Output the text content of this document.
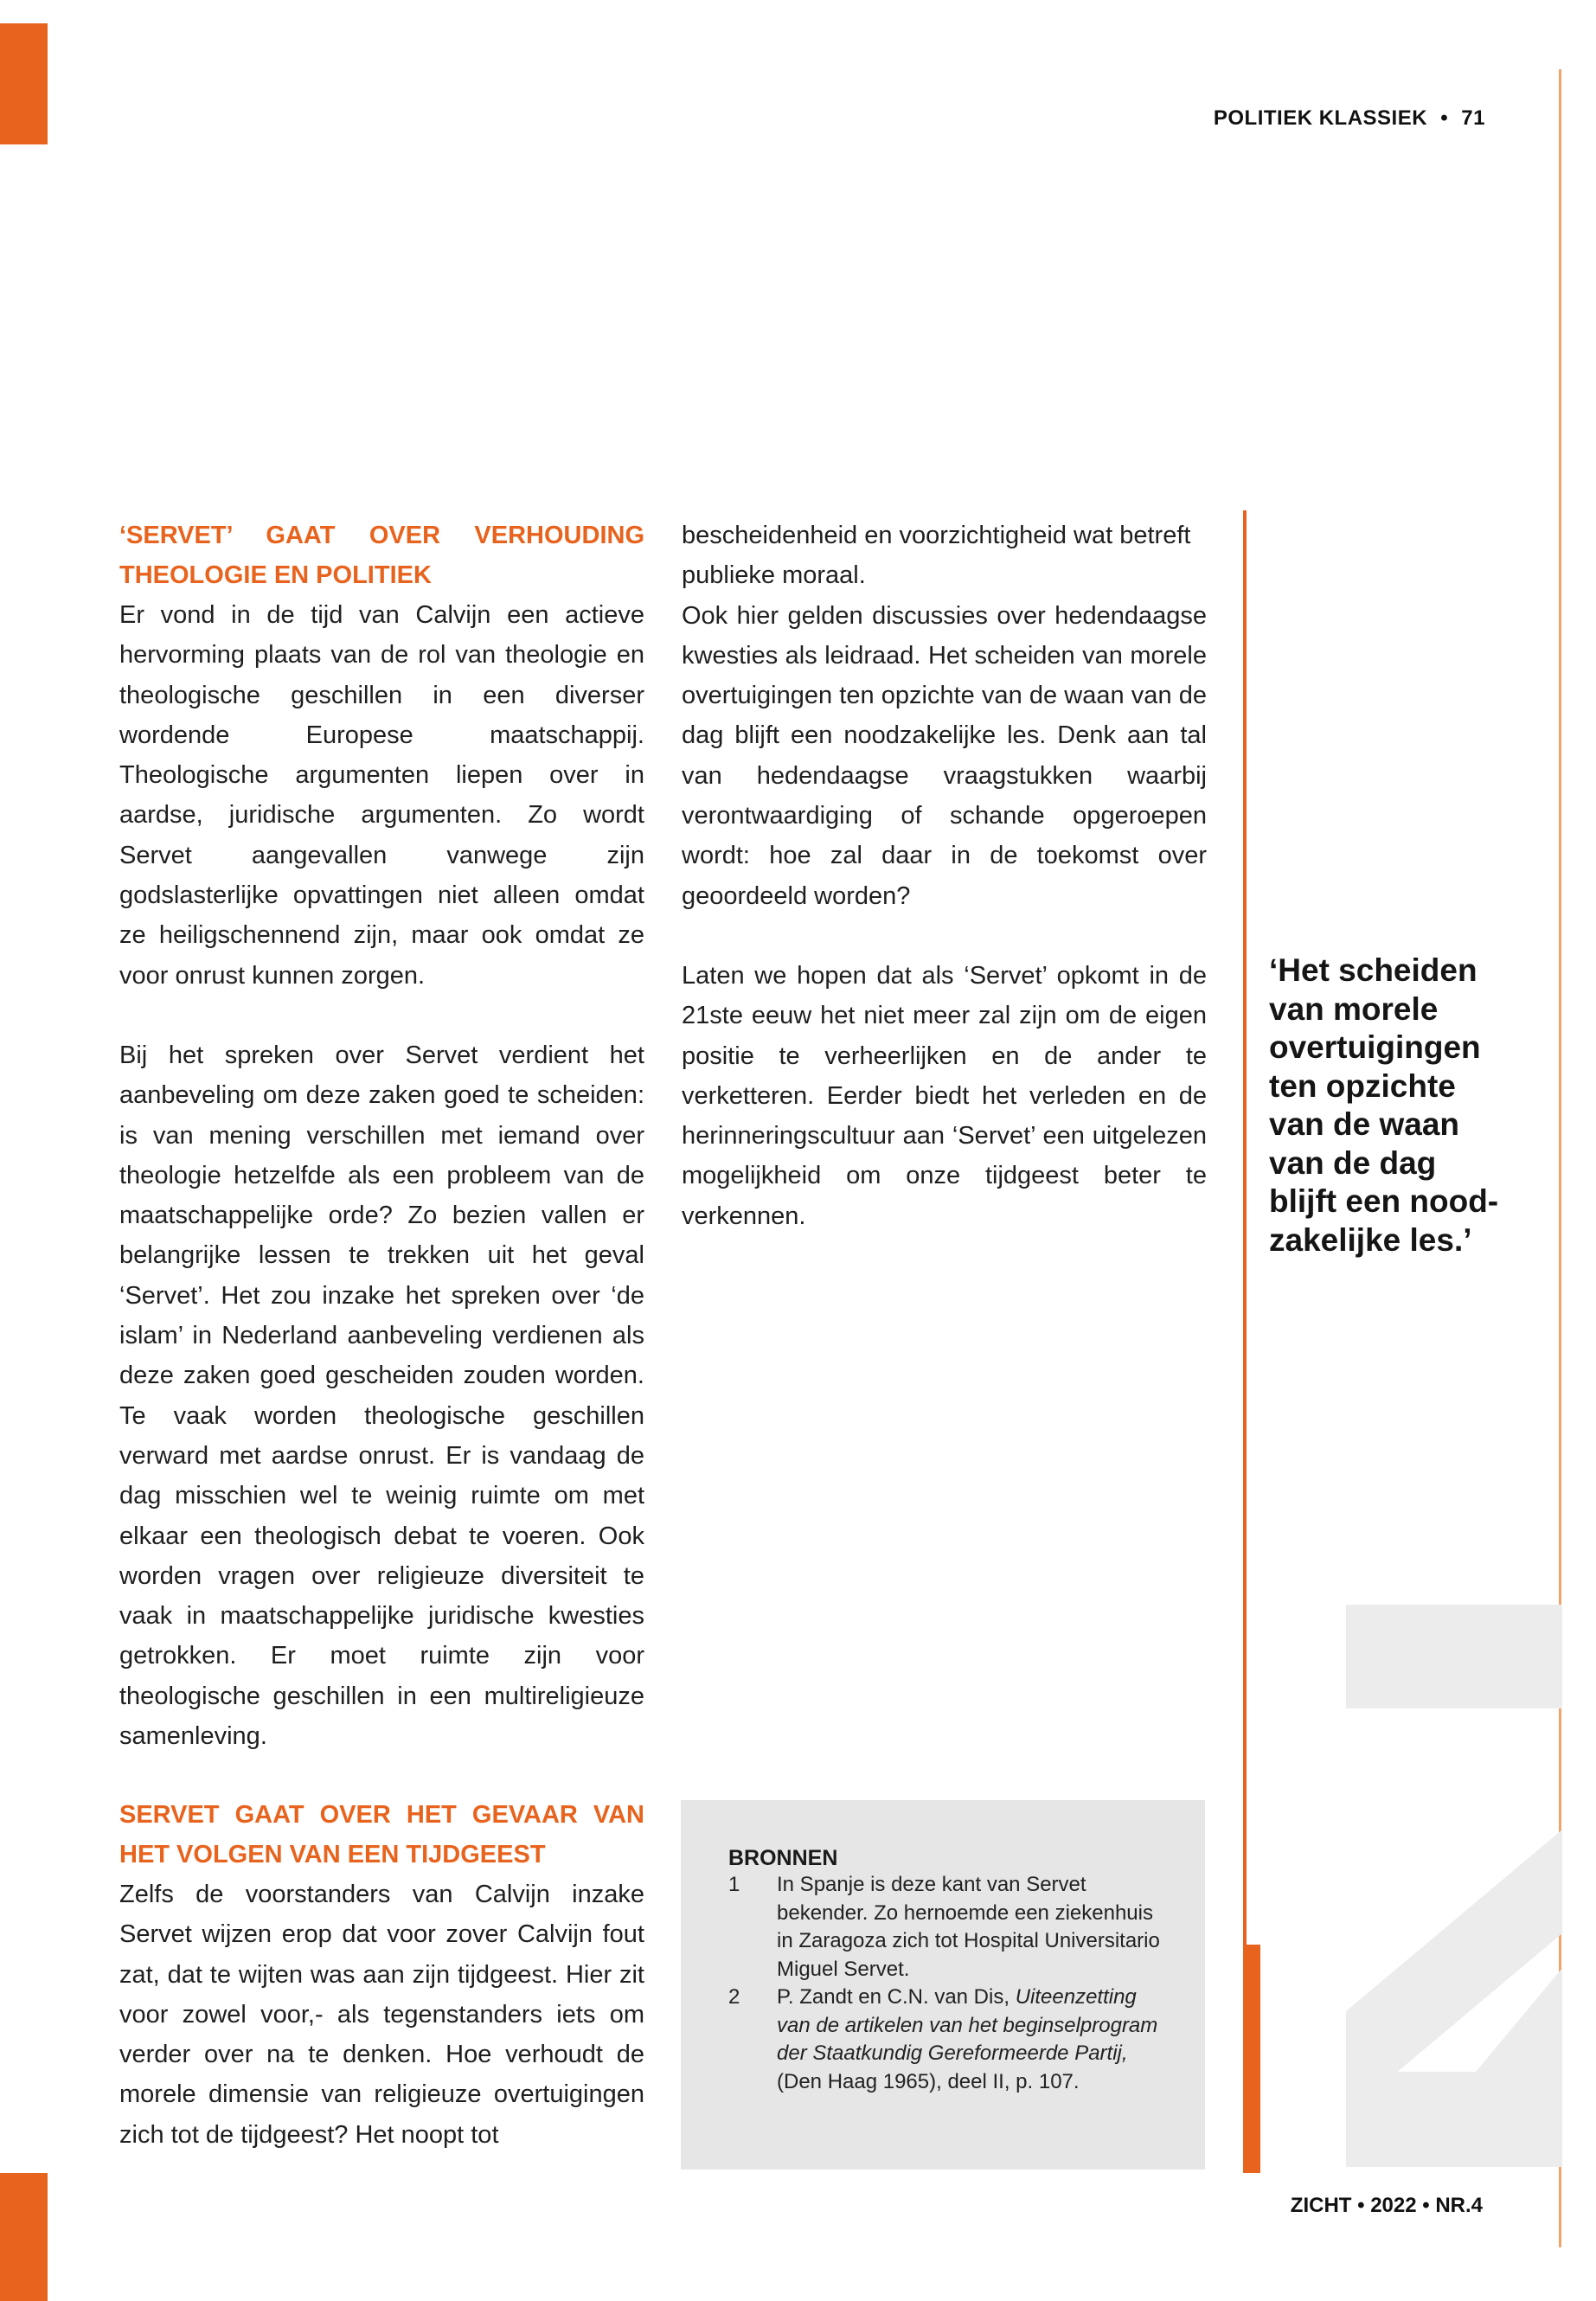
POLITIEK KLASSIEK • 71
‘SERVET’ GAAT OVER VERHOUDING THEOLOGIE EN POLITIEK

Er vond in de tijd van Calvijn een actieve hervorming plaats van de rol van theologie en theologische geschillen in een diverser wordende Europese maatschappij. Theologische argumenten liepen over in aardse, juridische argumenten. Zo wordt Servet aangevallen vanwege zijn godslasterlijke opvattingen niet alleen omdat ze heiligschennend zijn, maar ook omdat ze voor onrust kunnen zorgen.

Bij het spreken over Servet verdient het aanbeveling om deze zaken goed te scheiden: is van mening verschillen met iemand over theologie hetzelfde als een probleem van de maatschappelijke orde? Zo bezien vallen er belangrijke lessen te trekken uit het geval ‘Servet’. Het zou inzake het spreken over ‘de islam’ in Nederland aanbeveling verdienen als deze zaken goed gescheiden zouden worden. Te vaak worden theologische geschillen verward met aardse onrust. Er is vandaag de dag misschien wel te weinig ruimte om met elkaar een theologisch debat te voeren. Ook worden vragen over religieuze diversiteit te vaak in maatschappelijke juridische kwesties getrokken. Er moet ruimte zijn voor theologische geschillen in een multireligieuze samenleving.

SERVET GAAT OVER HET GEVAAR VAN HET VOLGEN VAN EEN TIJDGEEST

Zelfs de voorstanders van Calvijn inzake Servet wijzen erop dat voor zover Calvijn fout zat, dat te wijten was aan zijn tijdgeest. Hier zit voor zowel voor,- als tegenstanders iets om verder over na te denken. Hoe verhoudt de morele dimensie van religieuze overtuigingen zich tot de tijdgeest? Het noopt tot

bescheidenheid en voorzichtigheid wat betreft publieke moraal.

Ook hier gelden discussies over hedendaagse kwesties als leidraad. Het scheiden van morele overtuigingen ten opzichte van de waan van de dag blijft een noodzakelijke les. Denk aan tal van hedendaagse vraagstukken waarbij verontwaardiging of schande opgeroepen wordt: hoe zal daar in de toekomst over geoordeeld worden?

Laten we hopen dat als ‘Servet’ opkomt in de 21ste eeuw het niet meer zal zijn om de eigen positie te verheerlijken en de ander te verketteren. Eerder biedt het verleden en de herinneringscultuur aan ‘Servet’ een uitgelezen mogelijkheid om onze tijdgeest beter te verkennen.

‘Het scheiden
van morele
overtuigingen
ten opzichte
van de waan
van de dag
blijft een nood-
zakelijke les.’
BRONNEN
1	In Spanje is deze kant van Servet bekender. Zo hernoemde een ziekenhuis in Zaragoza zich tot Hospital Universitario Miguel Servet.
2	P. Zandt en C.N. van Dis, Uiteenzetting van de artikelen van het beginselprogram der Staatkundig Gereformeerde Partij, (Den Haag 1965), deel II, p. 107.
ZICHT • 2022 • NR.4
